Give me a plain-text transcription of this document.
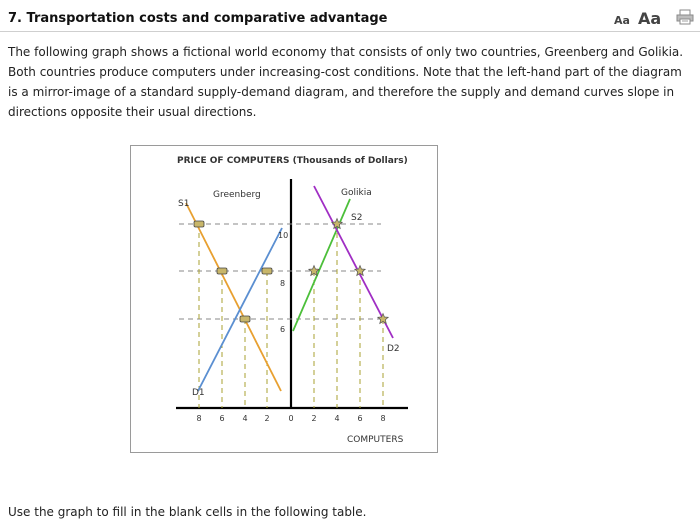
7. Transportation costs and comparative advantage	Aa Aa
The following graph shows a fictional world economy that consists of only two countries, Greenberg and Golikia. Both countries produce computers under increasing-cost conditions. Note that the left-hand part of the diagram is a mirror-image of a standard supply-demand diagram, and therefore the supply and demand curves slope in directions opposite their usual directions.
PRICE OF COMPUTERS (Thousands of Dollars)
Greenberg	Golikia
COMPUTERS
S1
D1
S2
D2
10
8
6
8 6 4 2 0 2 4 6 8
Use the graph to fill in the blank cells in the following table.
